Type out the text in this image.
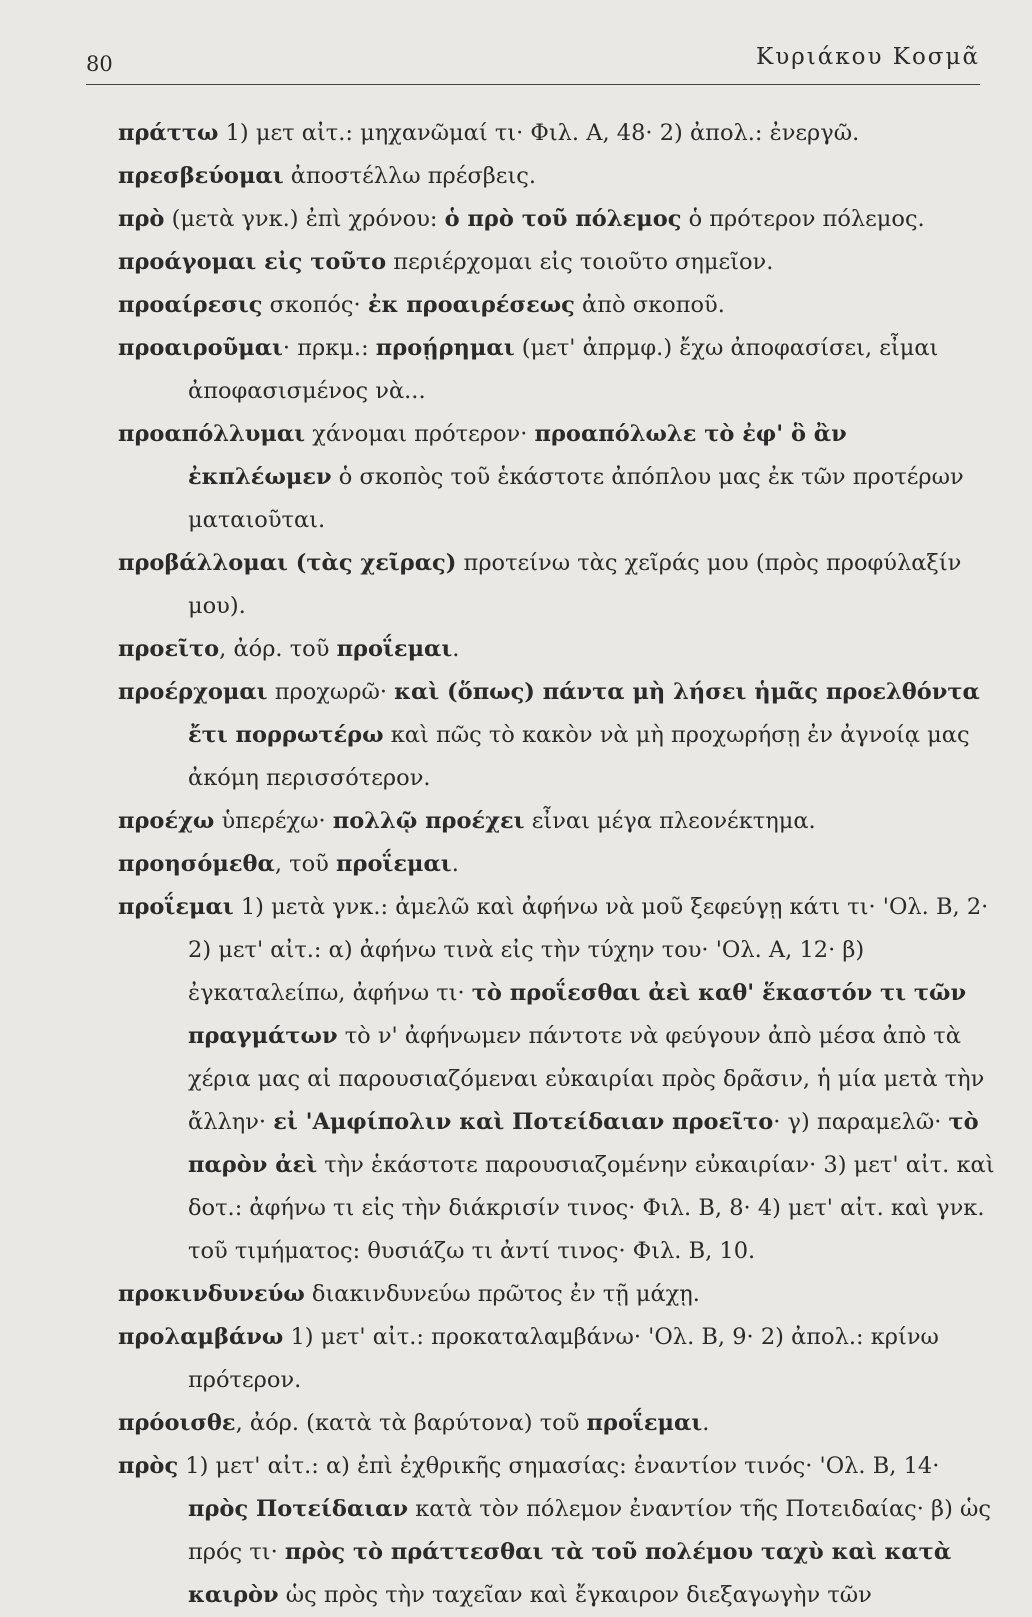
80	Κυριάκου Κοσμᾶ
πράττω 1) μετ αἰτ.: μηχανῶμαί τι· Φιλ. Α, 48· 2) ἀπολ.: ἐνεργῶ.
πρεσβεύομαι ἀποστέλλω πρέσβεις.
πρὸ (μετὰ γνκ.) ἐπὶ χρόνου: ὁ πρὸ τοῦ πόλεμος ὁ πρότερον πόλεμος.
προάγομαι εἰς τοῦτο περιέρχομαι εἰς τοιοῦτο σημεῖον.
προαίρεσις σκοπός· ἐκ προαιρέσεως ἀπὸ σκοποῦ.
προαιροῦμαι· πρκμ.: προῄρημαι (μετ' ἀπρμφ.) ἔχω ἀποφασίσει, εἶμαι ἀποφασισμένος νὰ...
προαπόλλυμαι χάνομαι πρότερον· προαπόλωλε τὸ ἐφ' ὃ ἂν ἐκπλέωμεν ὁ σκοπὸς τοῦ ἑκάστοτε ἀπόπλου μας ἐκ τῶν προτέρων ματαιοῦται.
προβάλλομαι (τὰς χεῖρας) προτείνω τὰς χεῖράς μου (πρὸς προφύλαξίν μου).
προεῖτο, ἀόρ. τοῦ προΐεμαι.
προέρχομαι προχωρῶ· καὶ (ὅπως) πάντα μὴ λήσει ἡμᾶς προελθόντα ἔτι πορρωτέρω καὶ πῶς τὸ κακὸν νὰ μὴ προχωρήσῃ ἐν ἀγνοίᾳ μας ἀκόμη περισσότερον.
προέχω ὑπερέχω· πολλῷ προέχει εἶναι μέγα πλεονέκτημα.
προησόμεθα, τοῦ προΐεμαι.
προΐεμαι 1) μετὰ γνκ.: ἀμελῶ καὶ ἀφήνω νὰ μοῦ ξεφεύγῃ κάτι τι· 'Ολ. Β, 2· 2) μετ' αἰτ.: α) ἀφήνω τινὰ εἰς τὴν τύχην του· 'Ολ. Α, 12· β) ἐγκαταλείπω, ἀφήνω τι· τὸ προΐεσθαι ἀεὶ καθ' ἕκαστόν τι τῶν πραγμάτων τὸ ν' ἀφήνωμεν πάντοτε νὰ φεύγουν ἀπὸ μέσα ἀπὸ τὰ χέρια μας αἱ παρουσιαζόμεναι εὐκαιρίαι πρὸς δρᾶσιν, ἡ μία μετὰ τὴν ἄλλην· εἰ 'Αμφίπολιν καὶ Ποτείδαιαν προεῖτο· γ) παραμελῶ· τὸ παρὸν ἀεὶ τὴν ἑκάστοτε παρουσιαζομένην εὐκαιρίαν· 3) μετ' αἰτ. καὶ δοτ.: ἀφήνω τι εἰς τὴν διάκρισίν τινος· Φιλ. Β, 8· 4) μετ' αἰτ. καὶ γνκ. τοῦ τιμήματος: θυσιάζω τι ἀντί τινος· Φιλ. Β, 10.
προκινδυνεύω διακινδυνεύω πρῶτος ἐν τῇ μάχῃ.
προλαμβάνω 1) μετ' αἰτ.: προκαταλαμβάνω· 'Ολ. Β, 9· 2) ἀπολ.: κρίνω πρότερον.
πρόοισθε, ἀόρ. (κατὰ τὰ βαρύτονα) τοῦ προΐεμαι.
πρὸς 1) μετ' αἰτ.: α) ἐπὶ ἐχθρικῆς σημασίας: ἐναντίον τινός· 'Ολ. Β, 14· πρὸς Ποτείδαιαν κατὰ τὸν πόλεμον ἐναντίον τῆς Ποτειδαίας· β) ὡς πρός τι· πρὸς τὸ πράττεσθαι τὰ τοῦ πολέμου ταχὺ καὶ κατὰ καιρὸν ὡς πρὸς τὴν ταχεῖαν καὶ ἔγκαιρον διεξαγωγὴν τῶν
